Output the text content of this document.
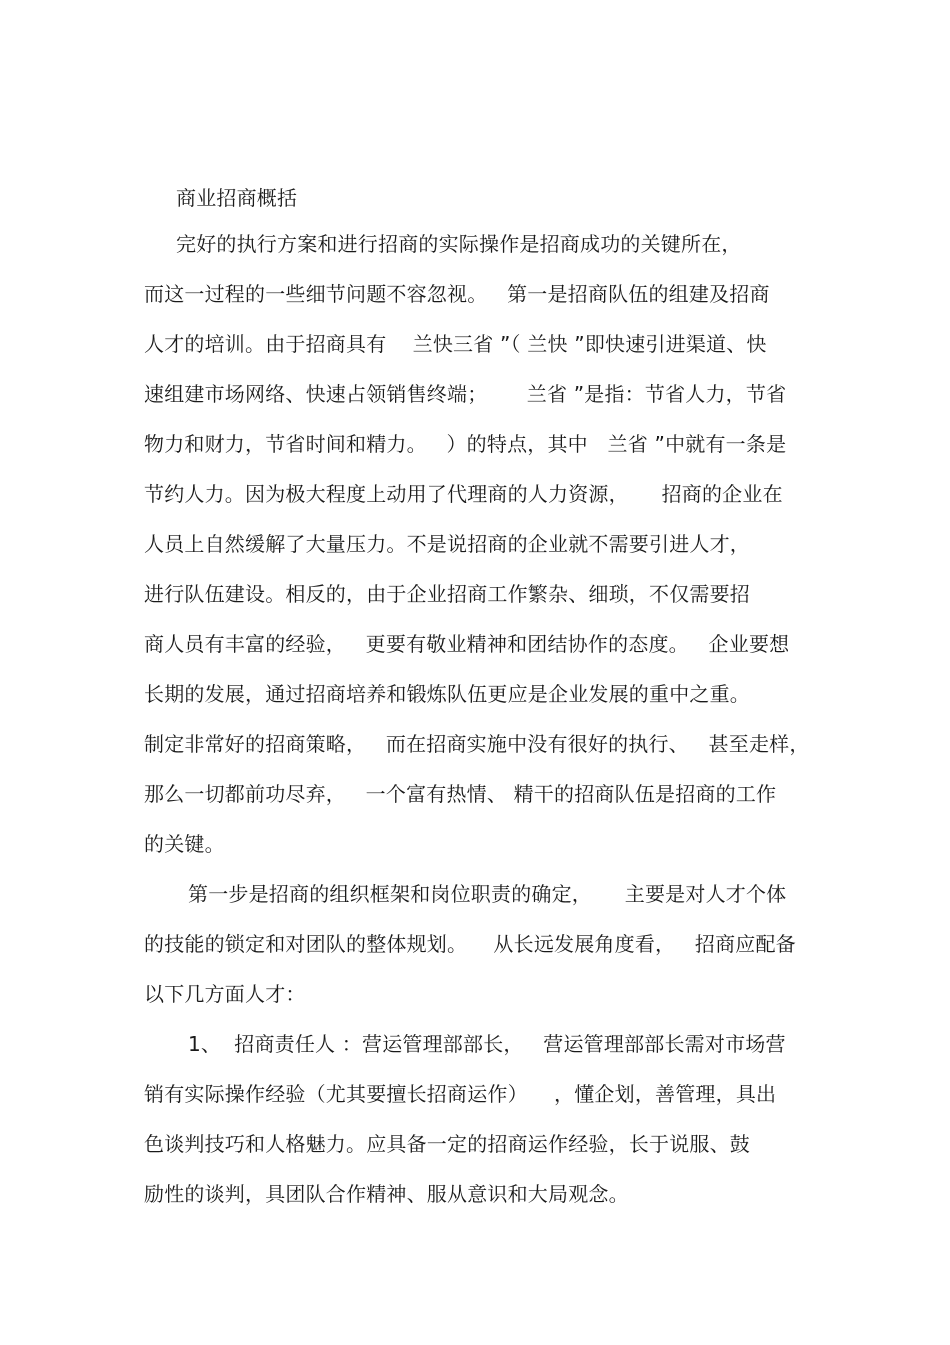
商业招商概括
完好的执行方案和进行招商的实际操作是招商成功的关键所在，
而这一过程的一些细节问题不容忽视。   第一是招商队伍的组建及招商
人才的培训。由于招商具有    兰快三省 ”（ 兰快 ”即快速引进渠道、快
速组建市场网络、快速占领销售终端；      兰省 ”是指：节省人力，节省
物力和财力，节省时间和精力。   ）的特点，其中   兰省 ”中就有一条是
节约人力。因为极大程度上动用了代理商的人力资源，     招商的企业在
人员上自然缓解了大量压力。不是说招商的企业就不需要引进人才，
进行队伍建设。相反的，由于企业招商工作繁杂、细琐，不仅需要招
商人员有丰富的经验，   更要有敬业精神和团结协作的态度。   企业要想
长期的发展，通过招商培养和锻炼队伍更应是企业发展的重中之重。
制定非常好的招商策略，   而在招商实施中没有很好的执行、   甚至走样，
那么一切都前功尽弃，   一个富有热情、 精干的招商队伍是招商的工作
的关键。
第一步是招商的组织框架和岗位职责的确定，     主要是对人才个体
的技能的锁定和对团队的整体规划。    从长远发展角度看，   招商应配备
以下几方面人才：
1、  招商责任人 ：营运管理部部长，   营运管理部部长需对市场营
销有实际操作经验（尤其要擅长招商运作）    ，懂企划，善管理，具出
色谈判技巧和人格魅力。应具备一定的招商运作经验，长于说服、鼓
励性的谈判，具团队合作精神、服从意识和大局观念。
